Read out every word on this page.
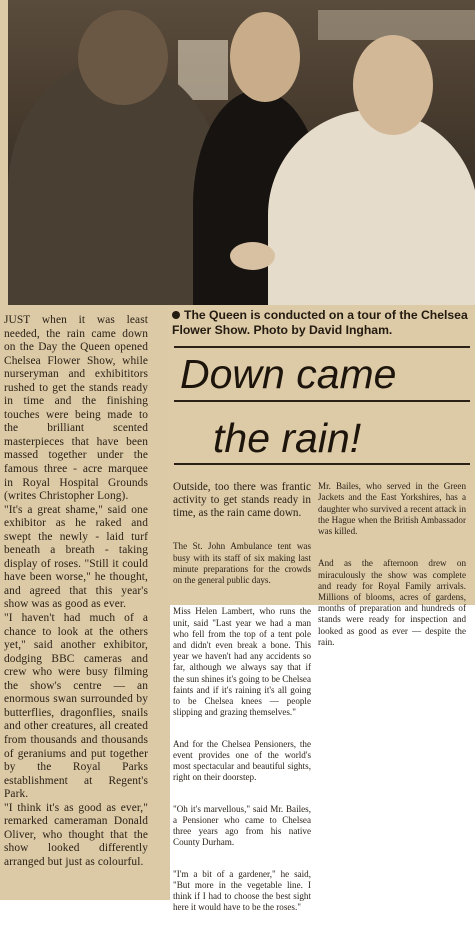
The Queen is conducted on a tour of the Chelsea Flower Show. Photo by David Ingham.
Down came
the rain!
JUST when it was least needed, the rain came down on the Day the Queen opened Chelsea Flower Show, while nurseryman and exhibititors rushed to get the stands ready in time and the finishing touches were being made to the brilliant scented masterpieces that have been massed together under the famous three - acre marquee in Royal Hospital Grounds (writes Christopher Long).
"It's a great shame," said one exhibitor as he raked and swept the newly - laid turf beneath a breath - taking display of roses. "Still it could have been worse," he thought, and agreed that this year's show was as good as ever.
"I haven't had much of a chance to look at the others yet," said another exhibitor, dodging BBC cameras and crew who were busy filming the show's centre — an enormous swan surrounded by butterflies, dragonflies, snails and other creatures, all created from thousands and thousands of geraniums and put together by the Royal Parks establishment at Regent's Park.
"I think it's as good as ever," remarked cameraman Donald Oliver, who thought that the show looked differently arranged but just as colourful.

Outside, too there was frantic activity to get stands ready in time, as the rain came down.

The St. John Ambulance tent was busy with its staff of six making last minute preparations for the crowds on the general public days.

Miss Helen Lambert, who runs the unit, said "Last year we had a man who fell from the top of a tent pole and didn't even break a bone. This year we haven't had any accidents so far, although we always say that if the sun shines it's going to be Chelsea faints and if it's raining it's all going to be Chelsea knees — people slipping and grazing themselves."

And for the Chelsea Pensioners, the event provides one of the world's most spectacular and beautiful sights, right on their doorstep.

"Oh it's marvellous," said Mr. Bailes, a Pensioner who came to Chelsea three years ago from his native County Durham.

"I'm a bit of a gardener," he said, "But more in the vegetable line. I think if I had to choose the best sight here it would have to be the roses."

Mr. Bailes, who served in the Green Jackets and the East Yorkshires, has a daughter who survived a recent attack in the Hague when the British Ambassador was killed.

And as the afternoon drew on miraculously the show was complete and ready for Royal Family arrivals. Millions of blooms, acres of gardens, months of preparation and hundreds of stands were ready for inspection and looked as good as ever — despite the rain.
